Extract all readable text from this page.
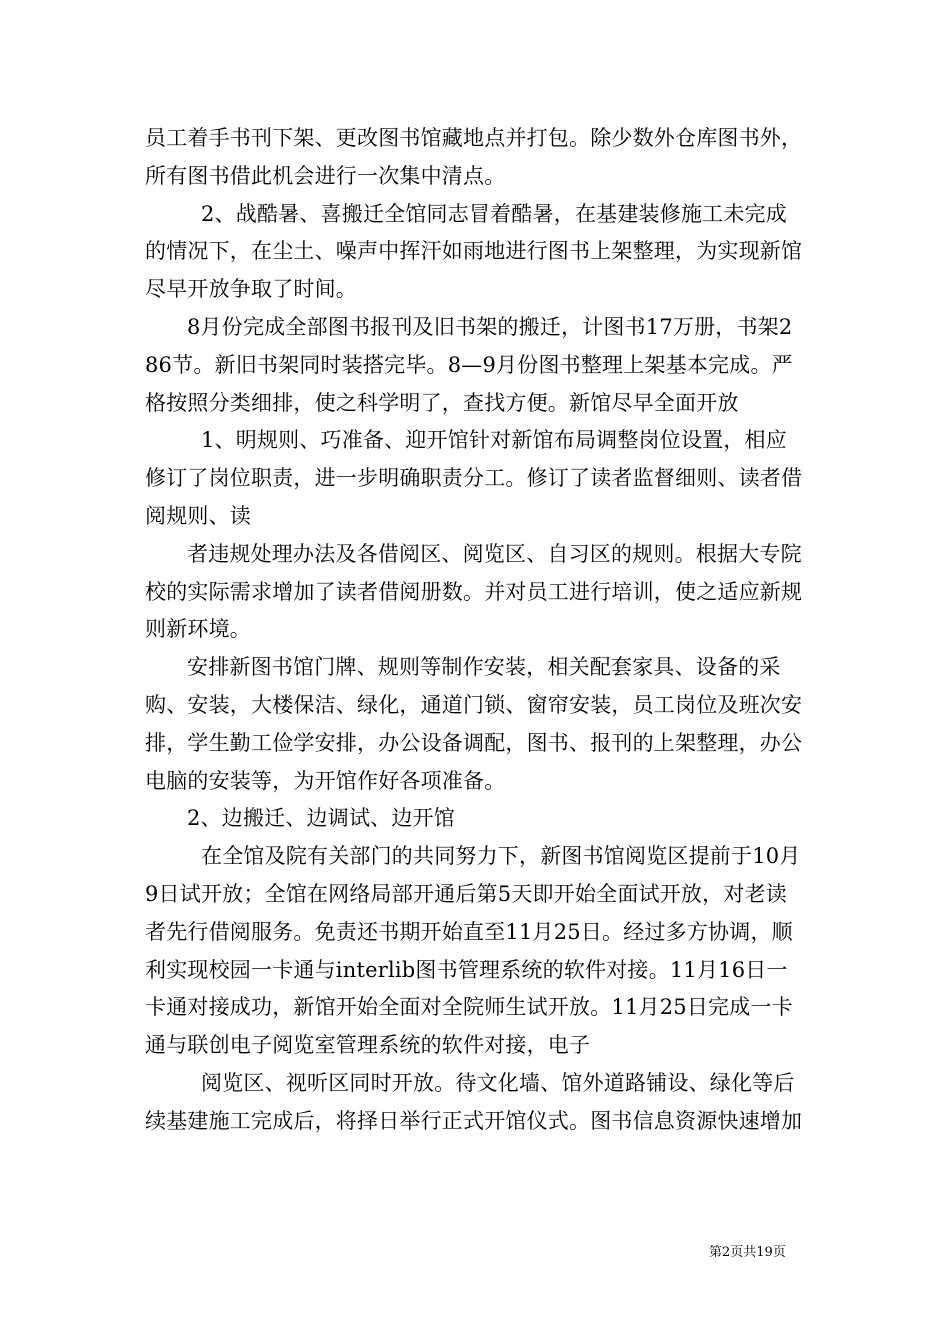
员工着手书刊下架、更改图书馆藏地点并打包。除少数外仓库图书外，所有图书借此机会进行一次集中清点。

2、战酷暑、喜搬迁全馆同志冒着酷暑，在基建装修施工未完成的情况下，在尘土、噪声中挥汗如雨地进行图书上架整理，为实现新馆尽早开放争取了时间。

8月份完成全部图书报刊及旧书架的搬迁，计图书17万册，书架286节。新旧书架同时装搭完毕。8—9月份图书整理上架基本完成。严格按照分类细排，使之科学明了，查找方便。新馆尽早全面开放

1、明规则、巧准备、迎开馆针对新馆布局调整岗位设置，相应修订了岗位职责，进一步明确职责分工。修订了读者监督细则、读者借阅规则、读

者违规处理办法及各借阅区、阅览区、自习区的规则。根据大专院校的实际需求增加了读者借阅册数。并对员工进行培训，使之适应新规则新环境。

安排新图书馆门牌、规则等制作安装，相关配套家具、设备的采购、安装，大楼保洁、绿化，通道门锁、窗帘安装，员工岗位及班次安排，学生勤工俭学安排，办公设备调配，图书、报刊的上架整理，办公电脑的安装等，为开馆作好各项准备。

2、边搬迁、边调试、边开馆

在全馆及院有关部门的共同努力下，新图书馆阅览区提前于10月9日试开放；全馆在网络局部开通后第5天即开始全面试开放，对老读者先行借阅服务。免责还书期开始直至11月25日。经过多方协调，顺利实现校园一卡通与interlib图书管理系统的软件对接。11月16日一卡通对接成功，新馆开始全面对全院师生试开放。11月25日完成一卡通与联创电子阅览室管理系统的软件对接，电子

阅览区、视听区同时开放。待文化墙、馆外道路铺设、绿化等后续基建施工完成后，将择日举行正式开馆仪式。图书信息资源快速增加

第2页共19页
